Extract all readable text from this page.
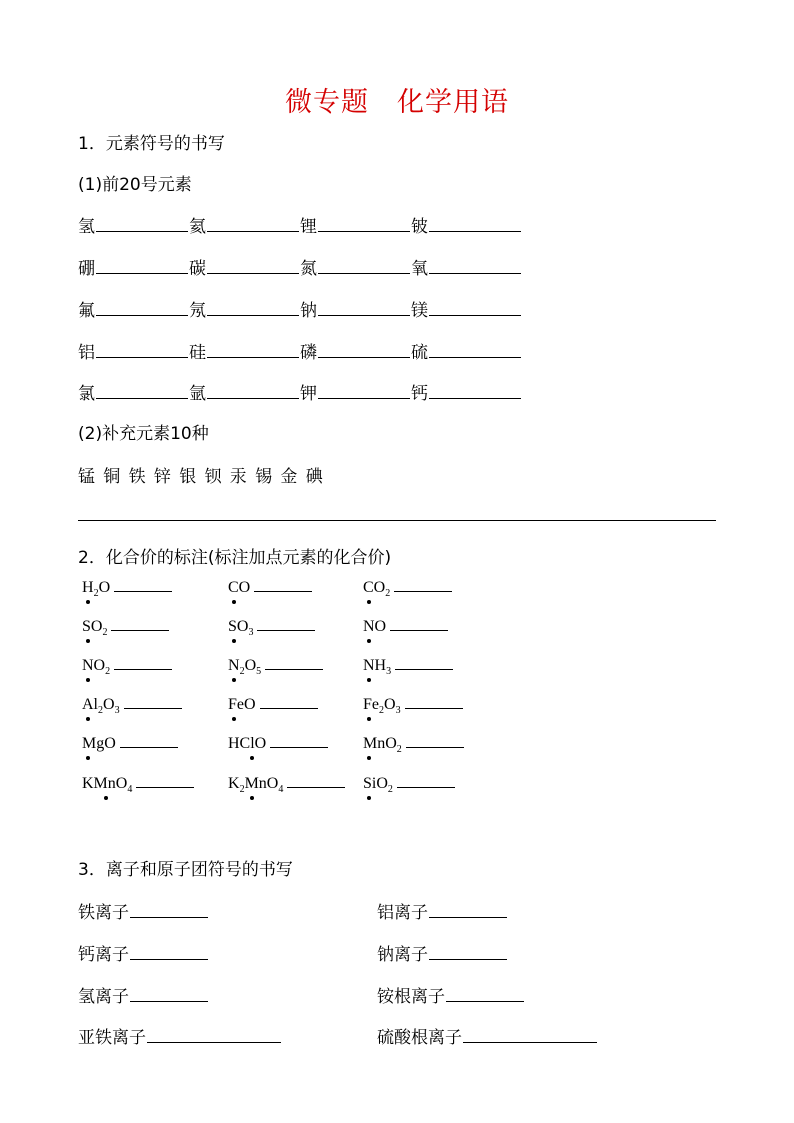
微专题　化学用语
1．元素符号的书写
(1)前20号元素
氢	氦	锂	铍
硼	碳	氮	氧
氟	氖	钠	镁
铝	硅	磷	硫
氯	氩	钾	钙
(2)补充元素10种
锰 铜 铁 锌 银 钡 汞 锡 金 碘
2．化合价的标注(标注加点元素的化合价)
$H_2O$	CO	$CO_2$
$SO_2$	$SO_3$	NO
$NO_2$	$N_2O_5$	$NH_3$
$Al_2O_3$	FeO	$Fe_2O_3$
MgO	HClO	MnO$_2$
KMnO$_4$	$K_2MnO_4$	SiO$_2$
3．离子和原子团符号的书写
铁离子	铝离子
钙离子	钠离子
氢离子	铵根离子
亚铁离子	硫酸根离子
